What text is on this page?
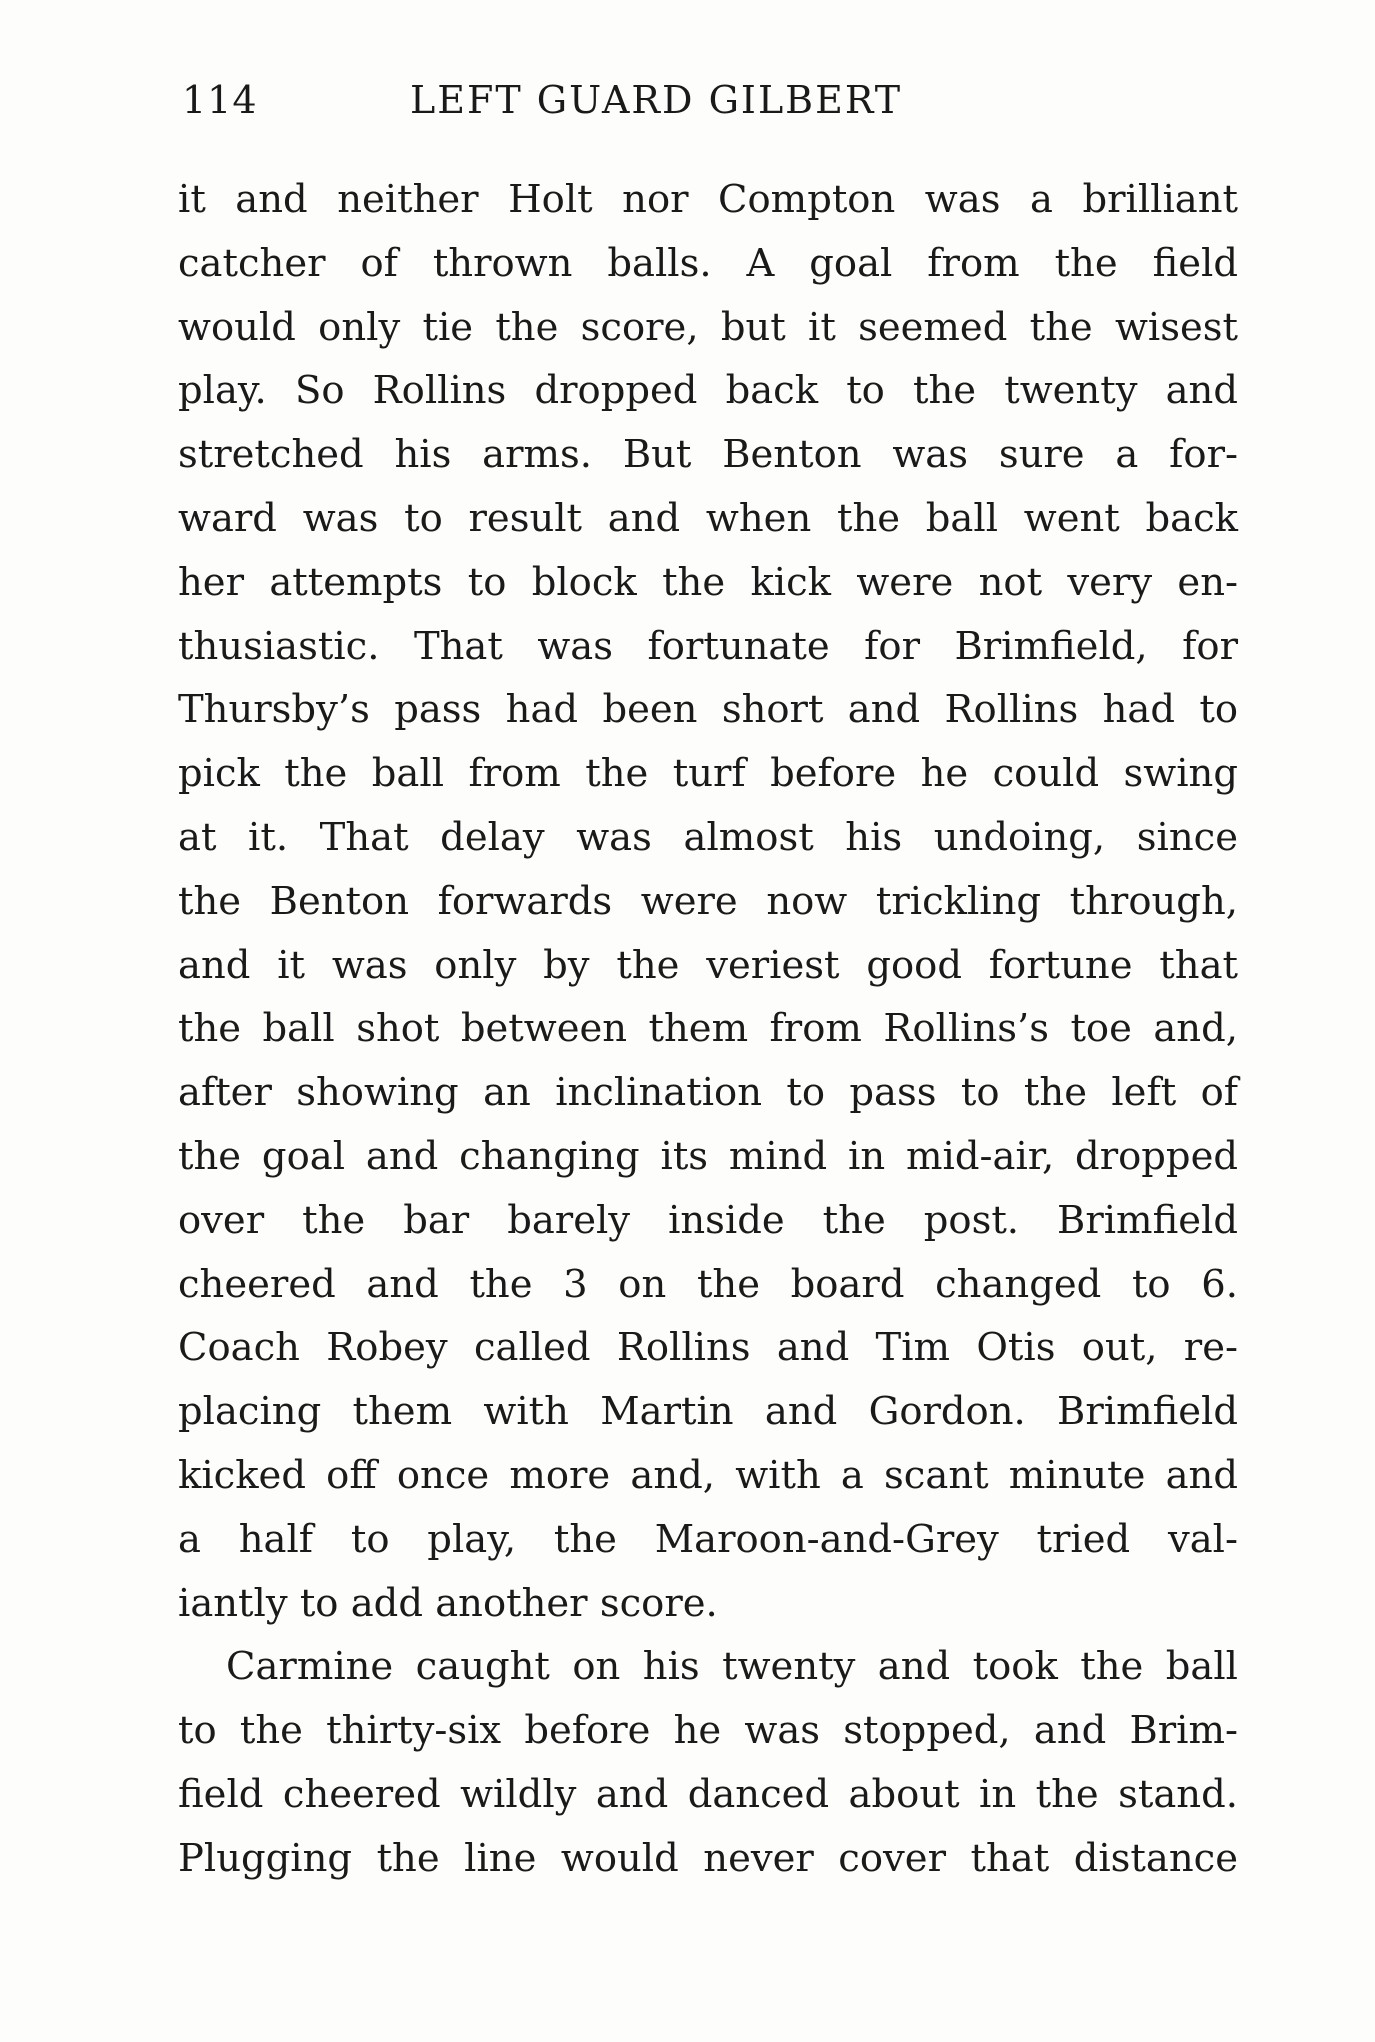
114	LEFT GUARD GILBERT
it and neither Holt nor Compton was a brilliant
catcher of thrown balls. A goal from the field
would only tie the score, but it seemed the wisest
play. So Rollins dropped back to the twenty and
stretched his arms. But Benton was sure a for-
ward was to result and when the ball went back
her attempts to block the kick were not very en-
thusiastic. That was fortunate for Brimfield, for
Thursby’s pass had been short and Rollins had to
pick the ball from the turf before he could swing
at it. That delay was almost his undoing, since
the Benton forwards were now trickling through,
and it was only by the veriest good fortune that
the ball shot between them from Rollins’s toe and,
after showing an inclination to pass to the left of
the goal and changing its mind in mid-air, dropped
over the bar barely inside the post. Brimfield
cheered and the 3 on the board changed to 6.
Coach Robey called Rollins and Tim Otis out, re-
placing them with Martin and Gordon. Brimfield
kicked off once more and, with a scant minute and
a half to play, the Maroon-and-Grey tried val-
iantly to add another score.
Carmine caught on his twenty and took the ball
to the thirty-six before he was stopped, and Brim-
field cheered wildly and danced about in the stand.
Plugging the line would never cover that distance
